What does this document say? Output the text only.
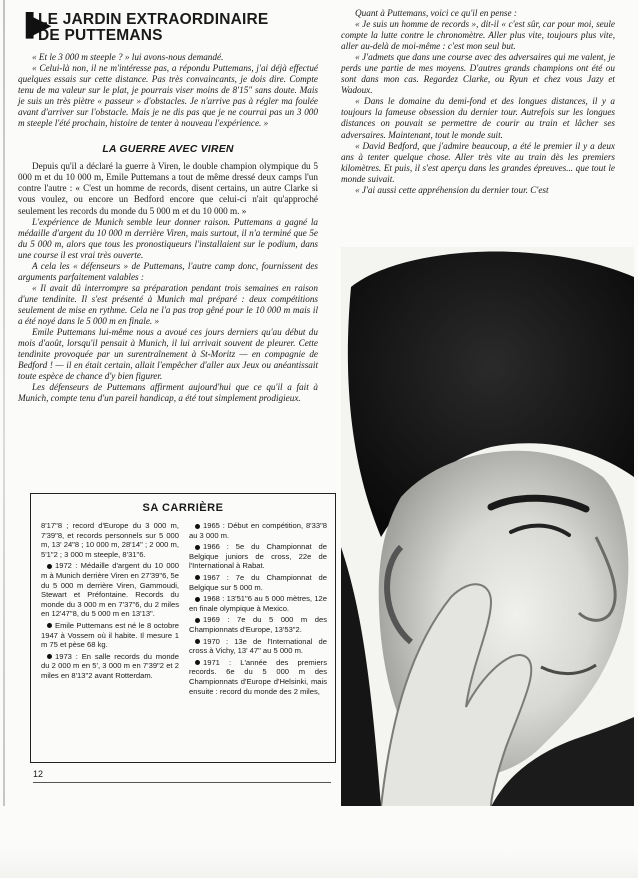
▐▶
LE JARDIN EXTRAORDINAIRE
DE PUTTEMANS

« Et le 3 000 m steeple ? » lui avons-nous demandé.

« Celui-là non, il ne m'intéresse pas, a répondu Puttemans, j'ai déjà effectué quelques essais sur cette distance. Pas très convaincants, je dois dire. Compte tenu de ma valeur sur le plat, je pourrais viser moins de 8'15" sans doute. Mais je suis un très piètre « passeur » d'obstacles. Je n'arrive pas à régler ma foulée avant d'arriver sur l'obstacle. Mais je ne dis pas que je ne courrai pas un 3 000 m steeple l'été prochain, histoire de tenter à nouveau l'expérience. »

LA GUERRE AVEC VIREN

Depuis qu'il a déclaré la guerre à Viren, le double champion olympique du 5 000 m et du 10 000 m, Emile Puttemans a tout de même dressé deux camps l'un contre l'autre : « C'est un homme de records, disent certains, un autre Clarke si vous voulez, ou encore un Bedford encore que celui-ci n'ait qu'approché seulement les records du monde du 5 000 m et du 10 000 m. »

L'expérience de Munich semble leur donner raison. Puttemans a gagné la médaille d'argent du 10 000 m derrière Viren, mais surtout, il n'a terminé que 5e du 5 000 m, alors que tous les pronostiqueurs l'installaient sur le podium, dans une course il est vrai très ouverte.

A cela les « défenseurs » de Puttemans, l'autre camp donc, fournissent des arguments parfaitement valables :

« Il avait dû interrompre sa préparation pendant trois semaines en raison d'une tendinite. Il s'est présenté à Munich mal préparé : deux compétitions seulement de mise en rythme. Cela ne l'a pas trop gêné pour le 10 000 m mais il a été noyé dans le 5 000 m en finale. »

Emile Puttemans lui-même nous a avoué ces jours derniers qu'au début du mois d'août, lorsqu'il pensait à Munich, il lui arrivait souvent de pleurer. Cette tendinite provoquée par un surentraînement à St-Moritz — en compagnie de Bedford ! — il en était certain, allait l'empêcher d'aller aux Jeux ou anéantissait toute espèce de chance d'y bien figurer.

Les défenseurs de Puttemans affirment aujourd'hui que ce qu'il a fait à Munich, compte tenu d'un pareil handicap, a été tout simplement prodigieux.

SA CARRIÈRE

8'17"8 ; record d'Europe du 3 000 m, 7'39"8, et records personnels sur 5 000 m, 13' 24"8 ; 10 000 m, 28'14" ; 2 000 m, 5'1"2 ; 3 000 m steeple, 8'31"6.

1972 : Médaille d'argent du 10 000 m à Munich derrière Viren en 27'39"6, 5e du 5 000 m derrière Viren, Gammoudi, Stewart et Préfontaine. Records du monde du 3 000 m en 7'37"6, du 2 miles en 12'47"8, du 5 000 m en 13'13".

Emile Puttemans est né le 8 octobre 1947 à Vossem où il habite. Il mesure 1 m 75 et pèse 68 kg.

1973 : En salle records du monde du 2 000 m en 5', 3 000 m en 7'39"2 et 2 miles en 8'13"2 avant Rotterdam.

1965 : Début en compétition, 8'33"8 au 3 000 m.

1966 : 5e du Championnat de Belgique juniors de cross, 22e de l'International à Rabat.

1967 : 7e du Championnat de Belgique sur 5 000 m.

1968 : 13'51"6 au 5 000 mètres, 12e en finale olympique à Mexico.

1969 : 7e du 5 000 m des Championnats d'Europe, 13'53"2.

1970 : 13e de l'International de cross à Vichy, 13' 47" au 5 000 m.

1971 : L'année des premiers records. 6e du 5 000 m des Championnats d'Europe d'Helsinki, mais ensuite : record du monde des 2 miles,

12

Quant à Puttemans, voici ce qu'il en pense :

« Je suis un homme de records », dit-il « c'est sûr, car pour moi, seule compte la lutte contre le chronomètre. Aller plus vite, toujours plus vite, aller au-delà de moi-même : c'est mon seul but.

« J'admets que dans une course avec des adversaires qui me valent, je perds une partie de mes moyens. D'autres grands champions ont été ou sont dans mon cas. Regardez Clarke, ou Ryun et chez vous Jazy et Wadoux.

« Dans le domaine du demi-fond et des longues distances, il y a toujours la fameuse obsession du dernier tour. Autrefois sur les longues distances on pouvait se permettre de courir au train et lâcher ses adversaires. Maintenant, tout le monde suit.

« David Bedford, que j'admire beaucoup, a été le premier il y a deux ans à tenter quelque chose. Aller très vite au train dès les premiers kilomètres. Et puis, il s'est aperçu dans les grandes épreuves... que tout le monde suivait.

« J'ai aussi cette appréhension du dernier tour. C'est
